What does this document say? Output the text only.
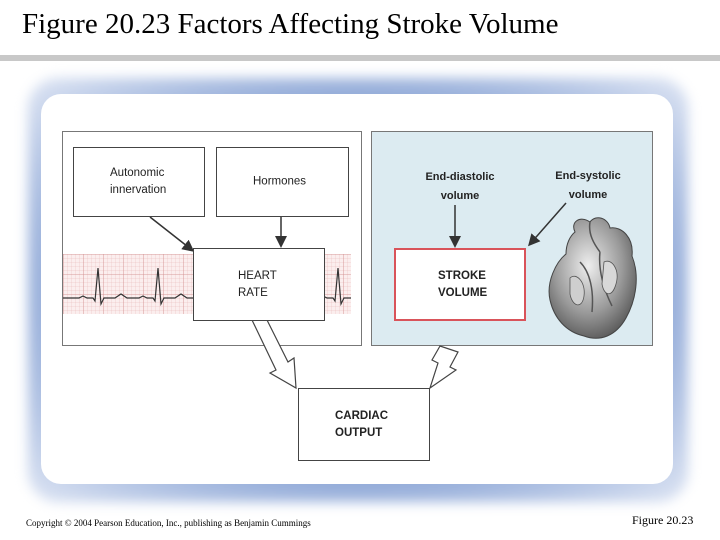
Figure 20.23 Factors Affecting Stroke Volume
Autonomic
innervation
Hormones
HEART
RATE
End-diastolic
volume
End-systolic
volume
STROKE
VOLUME
CARDIAC
OUTPUT
Copyright © 2004 Pearson Education, Inc., publishing as Benjamin Cummings	Figure 20.23
